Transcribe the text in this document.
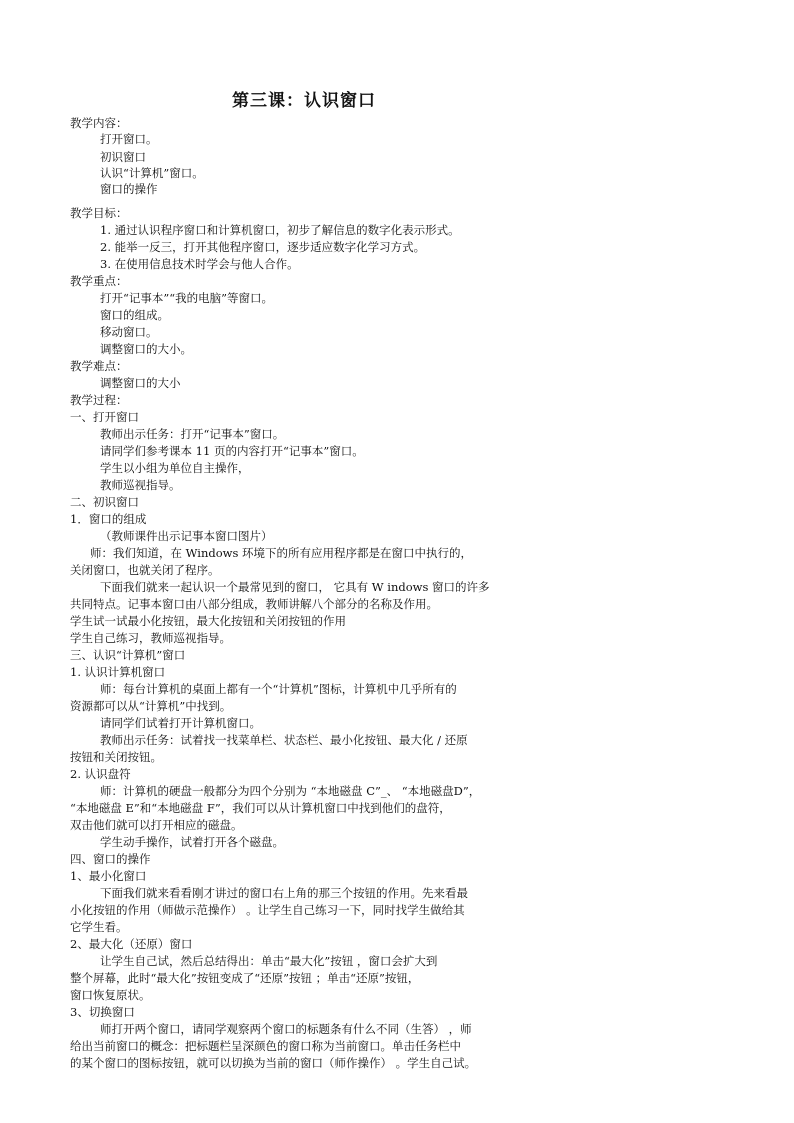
第三课：认识窗口
教学内容：
打开窗口。
初识窗口
认识“计算机”窗口。
窗口的操作
教学目标：
1. 通过认识程序窗口和计算机窗口，初步了解信息的数字化表示形式。
2. 能举一反三，打开其他程序窗口，逐步适应数字化学习方式。
3. 在使用信息技术时学会与他人合作。
教学重点：
打开“记事本”“我的电脑”等窗口。
窗口的组成。
移动窗口。
调整窗口的大小。
教学难点：
调整窗口的大小
教学过程：
一、打开窗口
教师出示任务：打开“记事本”窗口。
请同学们参考课本 11 页的内容打开“记事本”窗口。
学生以小组为单位自主操作，
教师巡视指导。
二、初识窗口
1．窗口的组成
（教师课件出示记事本窗口图片）
师：我们知道，在 Windows 环境下的所有应用程序都是在窗口中执行的，
关闭窗口，也就关闭了程序。
下面我们就来一起认识一个最常见到的窗口， 它具有 W indows 窗口的许多
共同特点。记事本窗口由八部分组成，教师讲解八个部分的名称及作用。
学生试一试最小化按钮，最大化按钮和关闭按钮的作用
学生自己练习，教师巡视指导。
三、认识“计算机”窗口
1. 认识计算机窗口
师：每台计算机的桌面上都有一个“计算机”图标，计算机中几乎所有的
资源都可以从“计算机”中找到。
请同学们试着打开计算机窗口。
教师出示任务：试着找一找菜单栏、状态栏、最小化按钮、最大化 / 还原
按钮和关闭按钮。
2. 认识盘符
师：计算机的硬盘一般都分为四个分别为 “本地磁盘 C”_、 “本地磁盘D”，
“本地磁盘 E”和“本地磁盘 F”，我们可以从计算机窗口中找到他们的盘符，
双击他们就可以打开相应的磁盘。
学生动手操作，试着打开各个磁盘。
四、窗口的操作
1、最小化窗口
下面我们就来看看刚才讲过的窗口右上角的那三个按钮的作用。先来看最
小化按钮的作用（师做示范操作） 。让学生自己练习一下，同时找学生做给其
它学生看。
2、最大化（还原）窗口
让学生自己试，然后总结得出：单击“最大化”按钮 ，窗口会扩大到
整个屏幕，此时“最大化”按钮变成了“还原”按钮 ；单击“还原”按钮，
窗口恢复原状。
3、切换窗口
师打开两个窗口，请同学观察两个窗口的标题条有什么不同（生答） ，师
给出当前窗口的概念：把标题栏呈深颜色的窗口称为当前窗口。单击任务栏中
的某个窗口的图标按钮，就可以切换为当前的窗口（师作操作） 。学生自己试。
